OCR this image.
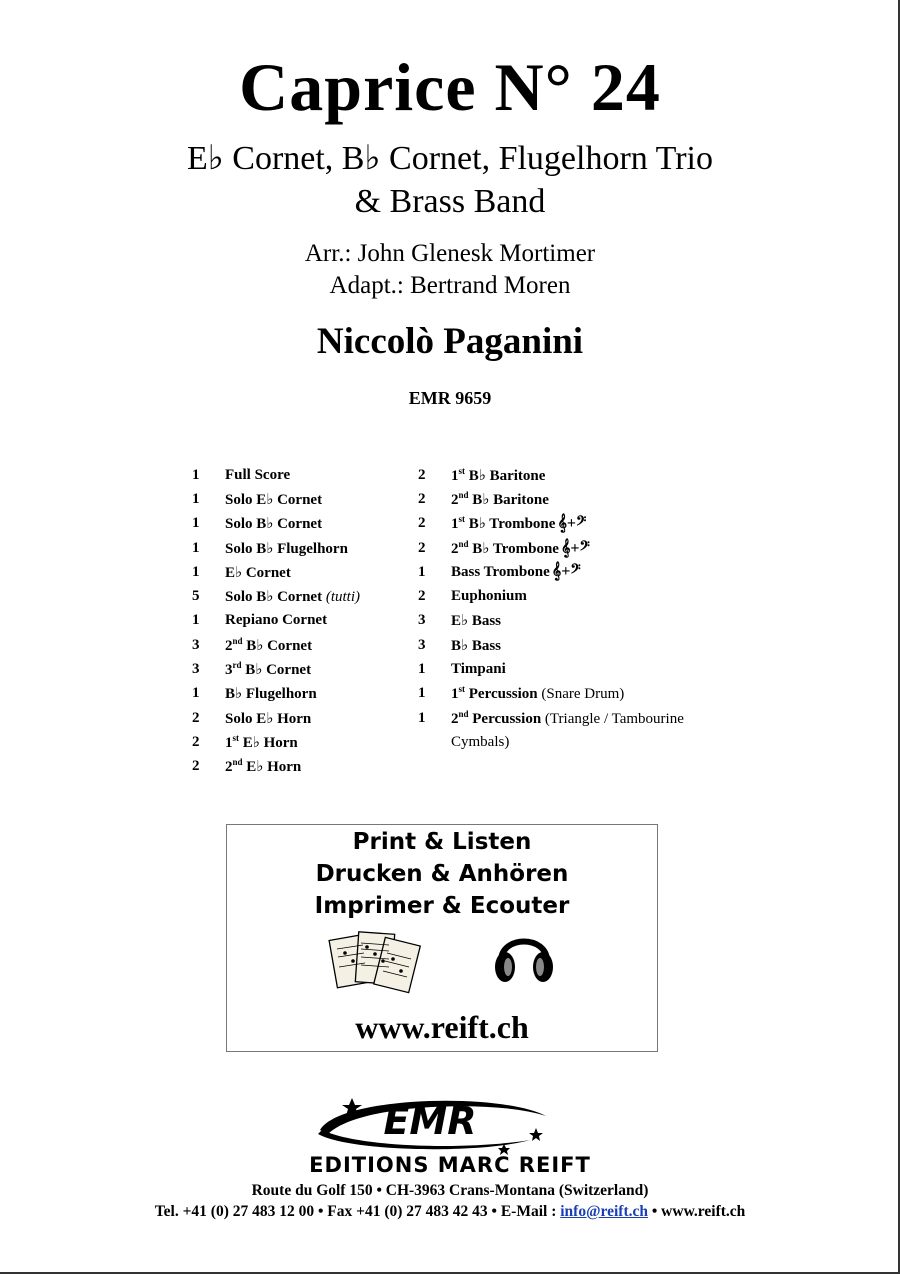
Caprice N° 24
E♭ Cornet, B♭ Cornet, Flugelhorn Trio
& Brass Band
Arr.: John Glenesk Mortimer
Adapt.: Bertrand Moren
Niccolò Paganini
EMR 9659
1	Full Score
1	Solo E♭ Cornet
1	Solo B♭ Cornet
1	Solo B♭ Flugelhorn
1	E♭ Cornet
5	Solo B♭ Cornet (tutti)
1	Repiano Cornet
3	2nd B♭ Cornet
3	3rd B♭ Cornet
1	B♭ Flugelhorn
2	Solo E♭ Horn
2	1st E♭ Horn
2	2nd E♭ Horn
2	1st B♭ Baritone
2	2nd B♭ Baritone
2	1st B♭ Trombone 𝄞+𝄢
2	2nd B♭ Trombone 𝄞+𝄢
1	Bass Trombone 𝄞+𝄢
2	Euphonium
3	E♭ Bass
3	B♭ Bass
1	Timpani
1	1st Percussion (Snare Drum)
1	2nd Percussion (Triangle / Tambourine
Cymbals)
Print & Listen
Drucken & Anhören
Imprimer & Ecouter
www.reift.ch
EMR
EDITIONS MARC REIFT
Route du Golf 150 • CH-3963 Crans-Montana (Switzerland)
Tel. +41 (0) 27 483 12 00 • Fax +41 (0) 27 483 42 43 • E-Mail : info@reift.ch • www.reift.ch
